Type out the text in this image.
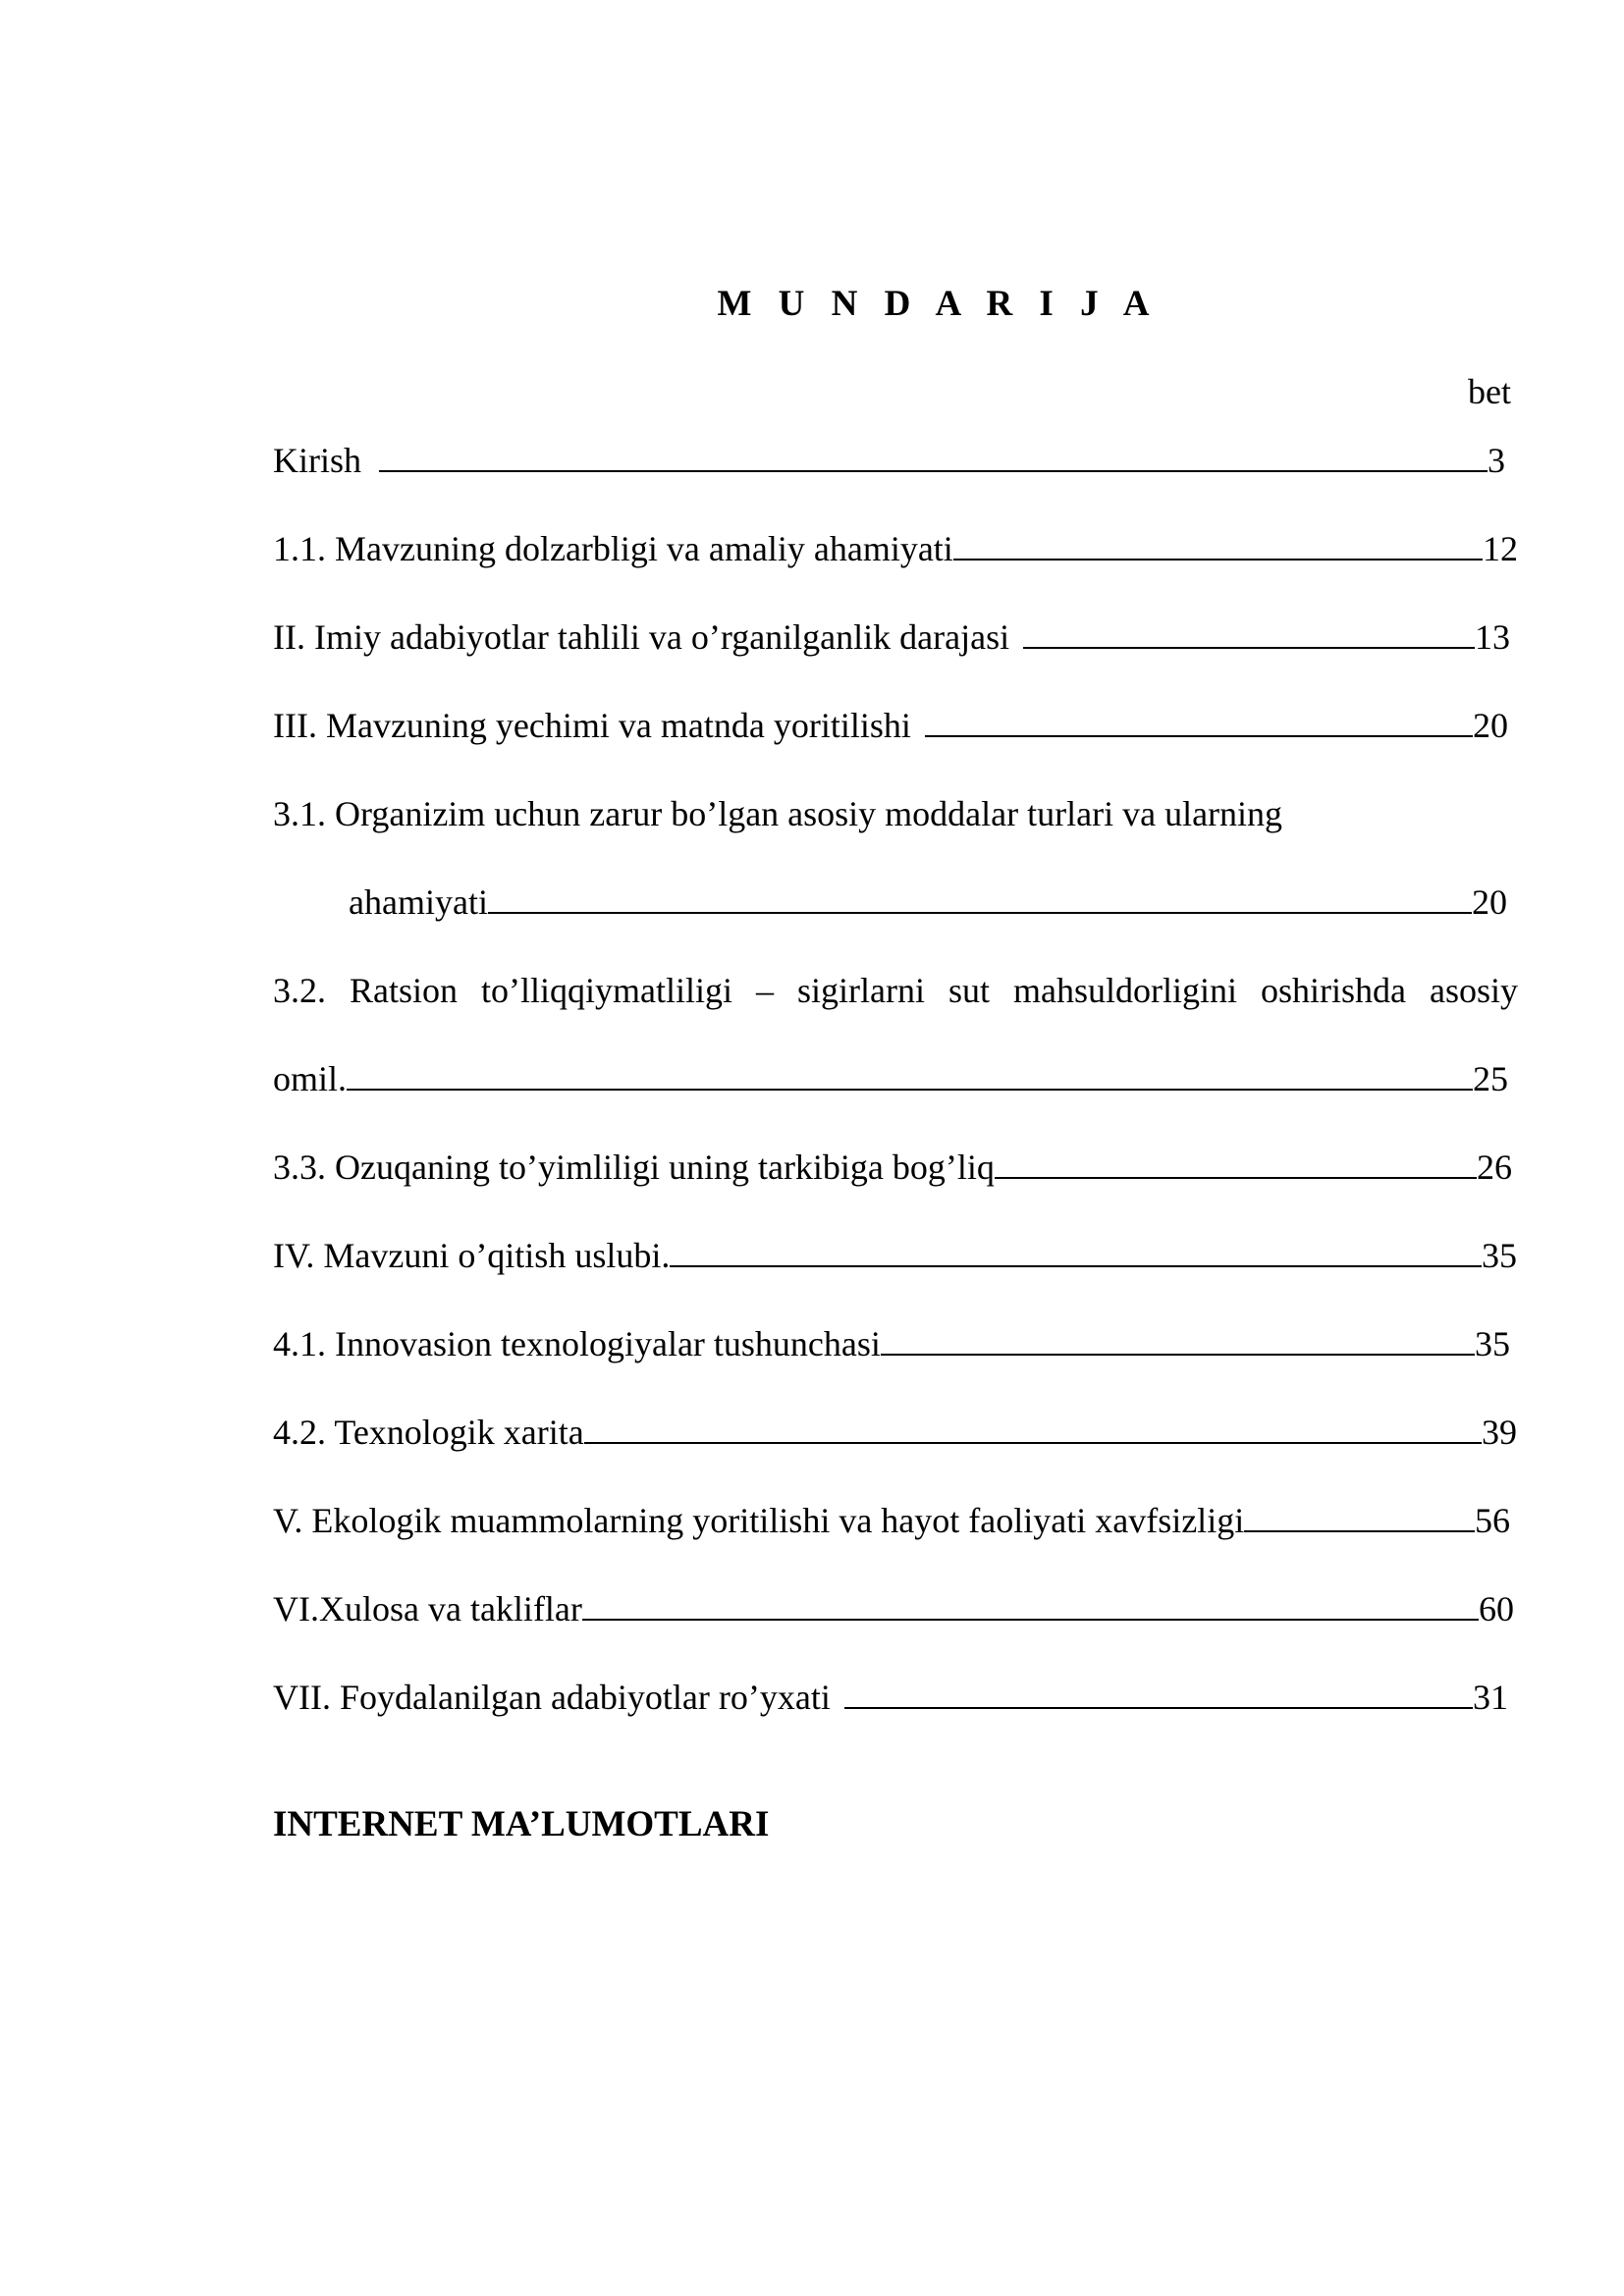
M U N D A R I J A
bet
Kirish	3
1.1. Mavzuning dolzarbligi va amaliy ahamiyati	12
II. Imiy adabiyotlar tahlili va o’rganilganlik darajasi	13
III. Mavzuning yechimi va matnda yoritilishi	20
3.1. Organizim uchun zarur bo’lgan asosiy moddalar turlari va ularning
ahamiyati	20
3.2. Ratsion to’lliqqiymatliligi – sigirlarni sut mahsuldorligini oshirishda asosiy
omil.	25
3.3. Ozuqaning to’yimliligi uning tarkibiga bog’liq	26
IV. Mavzuni o’qitish uslubi.	35
4.1. Innovasion texnologiyalar tushunchasi	35
4.2. Texnologik xarita	39
V. Ekologik muammolarning yoritilishi va hayot faoliyati xavfsizligi	56
VI.Xulosa va takliflar	60
VII. Foydalanilgan adabiyotlar ro’yxati	31
INTERNET MA’LUMOTLARI
